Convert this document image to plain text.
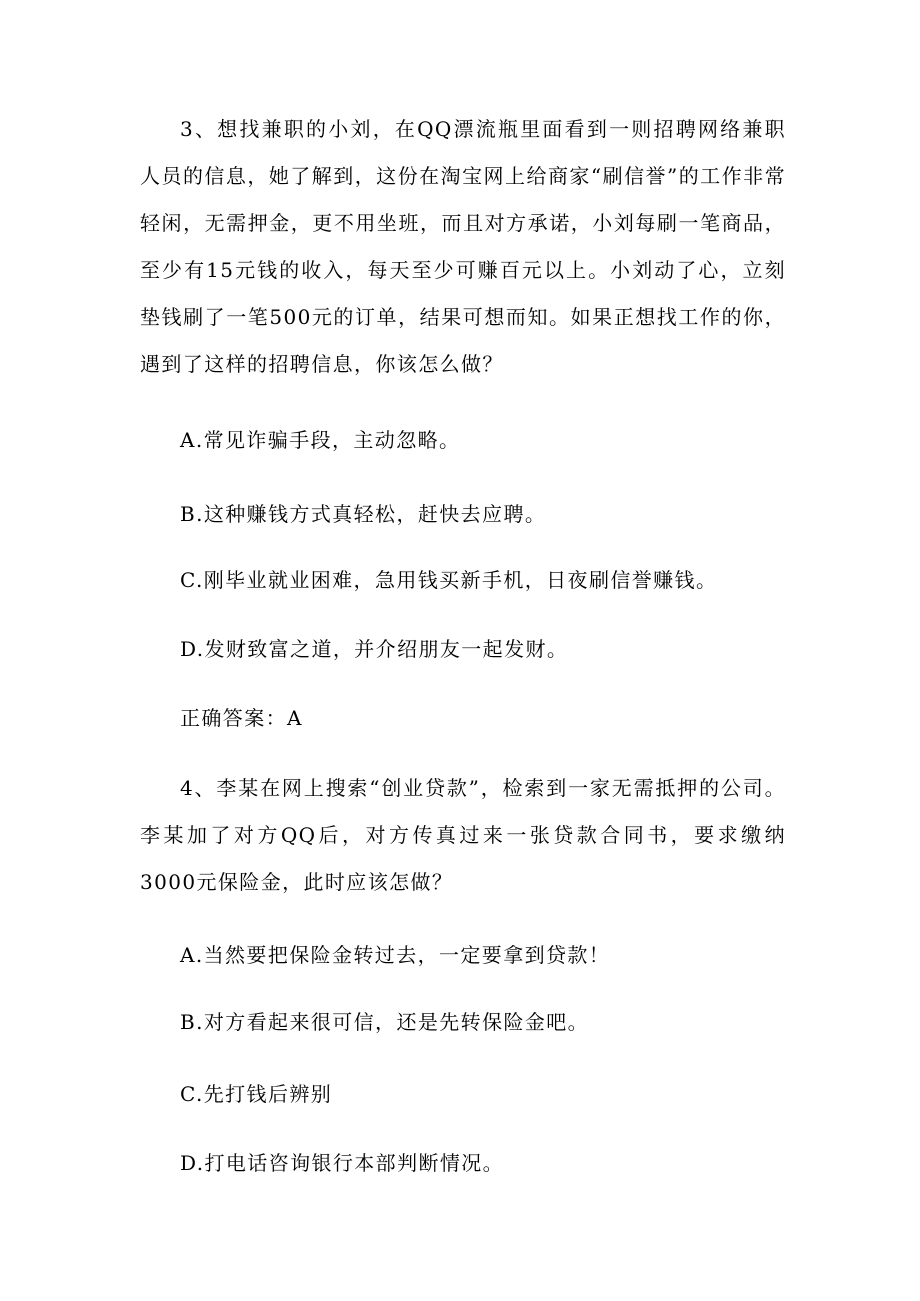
3、想找兼职的小刘，在QQ漂流瓶里面看到一则招聘网络兼职人员的信息，她了解到，这份在淘宝网上给商家“刷信誉”的工作非常轻闲，无需押金，更不用坐班，而且对方承诺，小刘每刷一笔商品，至少有15元钱的收入，每天至少可赚百元以上。小刘动了心，立刻垫钱刷了一笔500元的订单，结果可想而知。如果正想找工作的你，遇到了这样的招聘信息，你该怎么做？

A.常见诈骗手段，主动忽略。

B.这种赚钱方式真轻松，赶快去应聘。

C.刚毕业就业困难，急用钱买新手机，日夜刷信誉赚钱。

D.发财致富之道，并介绍朋友一起发财。

正确答案：A

4、李某在网上搜索“创业贷款”，检索到一家无需抵押的公司。李某加了对方QQ后，对方传真过来一张贷款合同书，要求缴纳3000元保险金，此时应该怎做？

A.当然要把保险金转过去，一定要拿到贷款！

B.对方看起来很可信，还是先转保险金吧。

C.先打钱后辨别

D.打电话咨询银行本部判断情况。
